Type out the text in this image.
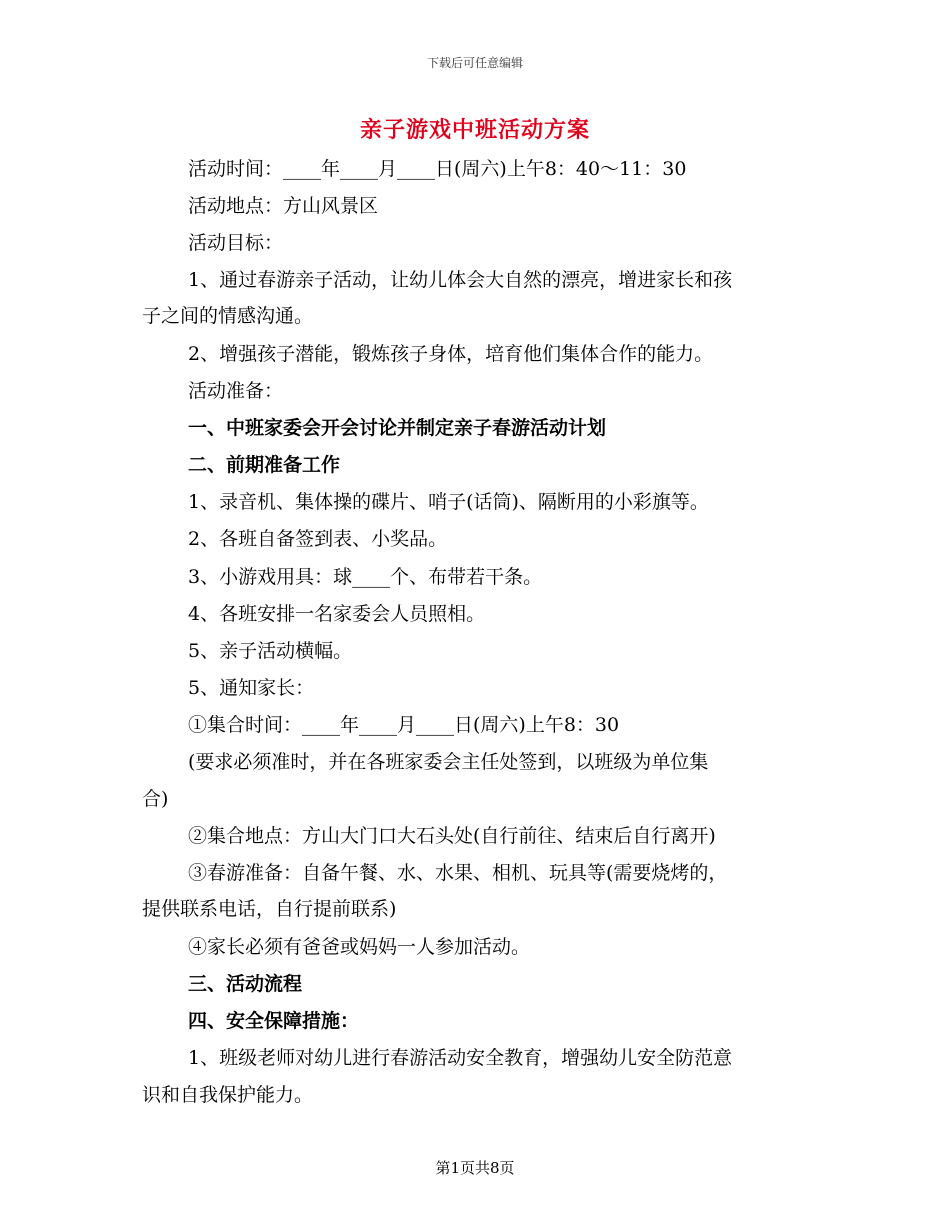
下载后可任意编辑
亲子游戏中班活动方案
活动时间：____年____月____日(周六)上午8：40～11：30
活动地点：方山风景区
活动目标：
1、通过春游亲子活动，让幼儿体会大自然的漂亮，增进家长和孩
子之间的情感沟通。
2、增强孩子潜能，锻炼孩子身体，培育他们集体合作的能力。
活动准备：
一、中班家委会开会讨论并制定亲子春游活动计划
二、前期准备工作
1、录音机、集体操的碟片、哨子(话筒)、隔断用的小彩旗等。
2、各班自备签到表、小奖品。
3、小游戏用具：球____个、布带若干条。
4、各班安排一名家委会人员照相。
5、亲子活动横幅。
5、通知家长：
①集合时间：____年____月____日(周六)上午8：30
(要求必须准时，并在各班家委会主任处签到，以班级为单位集
合)
②集合地点：方山大门口大石头处(自行前往、结束后自行离开)
③春游准备：自备午餐、水、水果、相机、玩具等(需要烧烤的，
提供联系电话，自行提前联系)
④家长必须有爸爸或妈妈一人参加活动。
三、活动流程
四、安全保障措施：
1、班级老师对幼儿进行春游活动安全教育，增强幼儿安全防范意
识和自我保护能力。
第1页共8页
